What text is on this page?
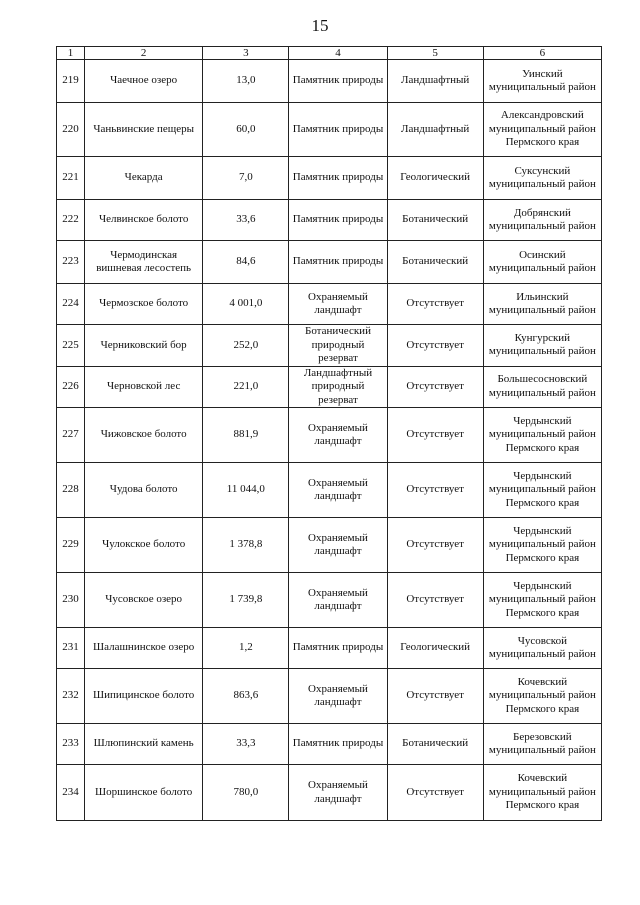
15
1	2	3	4	5	6
219	Чаечное озеро	13,0	Памятник природы	Ландшафтный	Уинский муниципальный район
220	Чаньвинские пещеры	60,0	Памятник природы	Ландшафтный	Александровский муниципальный район Пермского края
221	Чекарда	7,0	Памятник природы	Геологический	Суксунский муниципальный район
222	Челвинское болото	33,6	Памятник природы	Ботанический	Добрянский муниципальный район
223	Чермодинская вишневая лесостепь	84,6	Памятник природы	Ботанический	Осинский муниципальный район
224	Чермозское болото	4 001,0	Охраняемый ландшафт	Отсутствует	Ильинский муниципальный район
225	Черниковский бор	252,0	Ботанический природный резерват	Отсутствует	Кунгурский муниципальный район
226	Черновской лес	221,0	Ландшафтный природный резерват	Отсутствует	Большесосновский муниципальный район
227	Чижовское болото	881,9	Охраняемый ландшафт	Отсутствует	Чердынский муниципальный район Пермского края
228	Чудова болото	11 044,0	Охраняемый ландшафт	Отсутствует	Чердынский муниципальный район Пермского края
229	Чулокское болото	1 378,8	Охраняемый ландшафт	Отсутствует	Чердынский муниципальный район Пермского края
230	Чусовское озеро	1 739,8	Охраняемый ландшафт	Отсутствует	Чердынский муниципальный район Пермского края
231	Шалашнинское озеро	1,2	Памятник природы	Геологический	Чусовской муниципальный район
232	Шипицинское болото	863,6	Охраняемый ландшафт	Отсутствует	Кочевский муниципальный район Пермского края
233	Шлюпинский камень	33,3	Памятник природы	Ботанический	Березовский муниципальный район
234	Шоршинское болото	780,0	Охраняемый ландшафт	Отсутствует	Кочевский муниципальный район Пермского края
